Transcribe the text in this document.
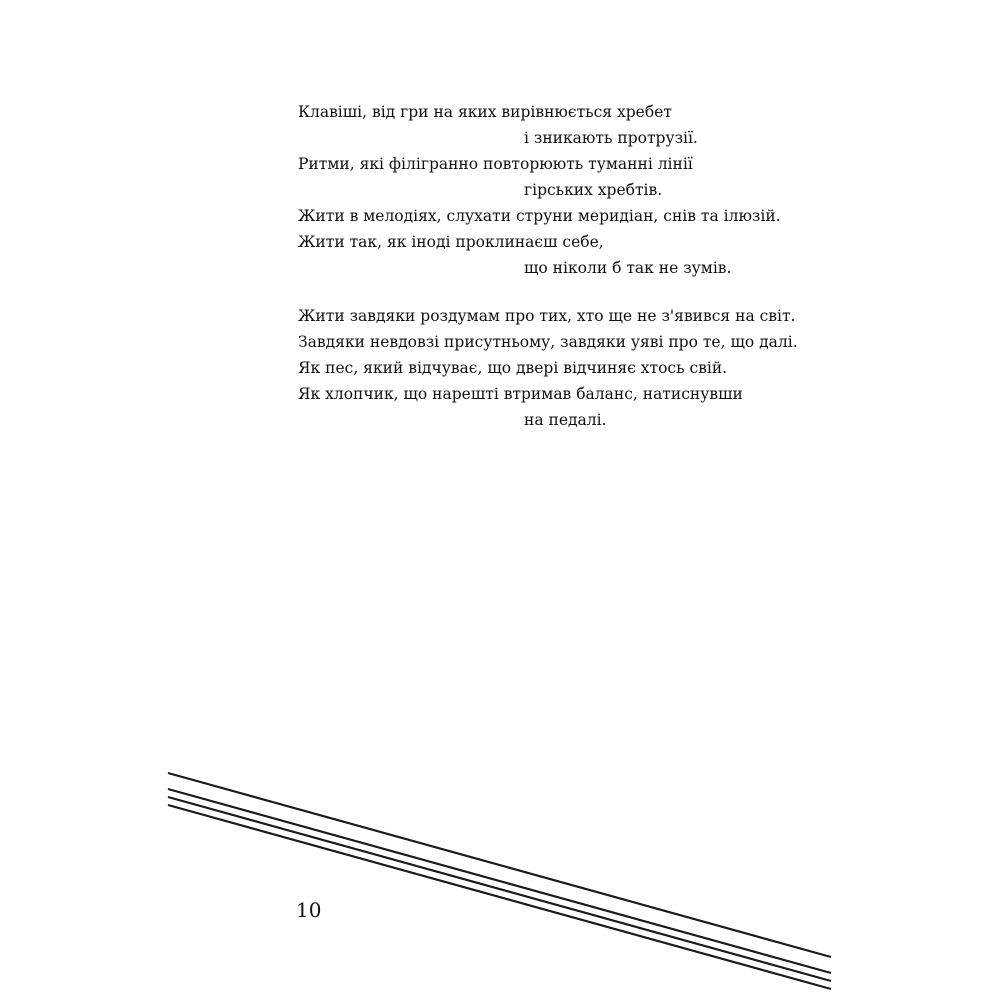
Клавіші, від гри на яких вирівнюється хребет
і зникають протрузії.
Ритми, які філігранно повторюють туманні лінії
гірських хребтів.
Жити в мелодіях, слухати струни меридіан, снів та ілюзій.
Жити так, як іноді проклинаєш себе,
що ніколи б так не зумів.
Жити завдяки роздумам про тих, хто ще не з'явився на світ.
Завдяки невдовзі присутньому, завдяки уяві про те, що далі.
Як пес, який відчуває, що двері відчиняє хтось свій.
Як хлопчик, що нарешті втримав баланс, натиснувши
на педалі.
10
